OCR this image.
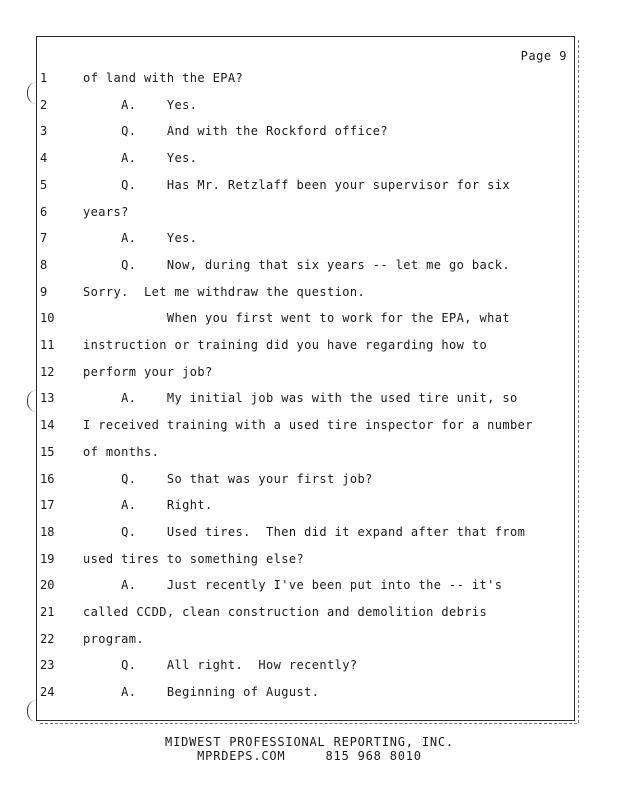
Page 9
1	of land with the EPA?
2	A.    Yes.
3	Q.    And with the Rockford office?
4	A.    Yes.
5	Q.    Has Mr. Retzlaff been your supervisor for six
6	years?
7	A.    Yes.
8	Q.    Now, during that six years -- let me go back.
9	Sorry.  Let me withdraw the question.
10	When you first went to work for the EPA, what
11	instruction or training did you have regarding how to
12	perform your job?
13	A.    My initial job was with the used tire unit, so
14	I received training with a used tire inspector for a number
15	of months.
16	Q.    So that was your first job?
17	A.    Right.
18	Q.    Used tires.  Then did it expand after that from
19	used tires to something else?
20	A.    Just recently I've been put into the -- it's
21	called CCDD, clean construction and demolition debris
22	program.
23	Q.    All right.  How recently?
24	A.    Beginning of August.
MIDWEST PROFESSIONAL REPORTING, INC.
MPRDEPS.COM     815 968 8010
